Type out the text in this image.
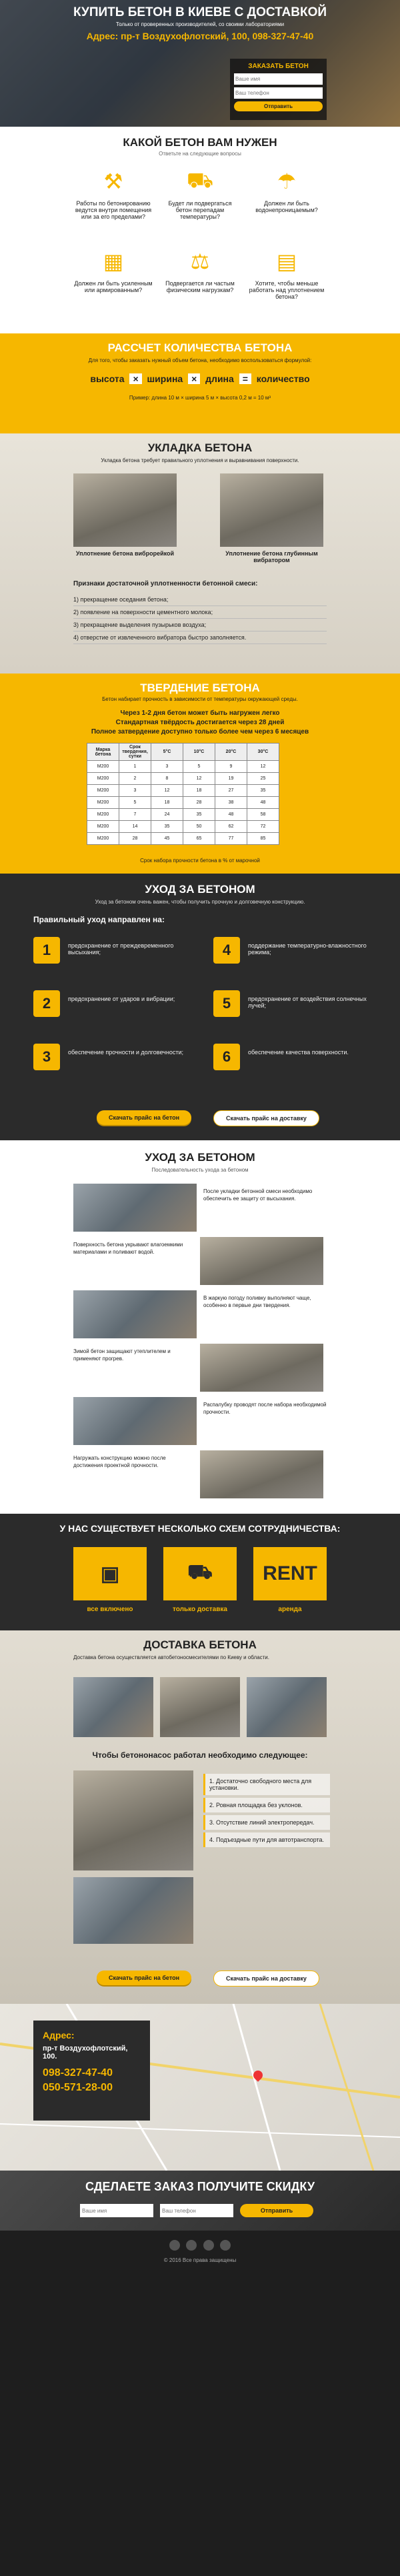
КУПИТЬ БЕТОН В КИЕВЕ С ДОСТАВКОЙ
Только от проверенных производителей, со своими лабораториями
Адрес: пр-т Воздухофлотский, 100, 098-327-47-40
ЗАКАЗАТЬ БЕТОН
Ваше имя Ваш телефон
Отправить
КАКОЙ БЕТОН ВАМ НУЖЕН
Ответьте на следующие вопросы
⚒
Работы по бетонированию ведутся внутри помещения или за его пределами?
⛟
Будет ли подвергаться бетон перепадам температуры?
☂
Должен ли быть водонепроницаемым?
▦
Должен ли быть усиленным или армированным?
⚖
Подвергается ли частым физическим нагрузкам?
▤
Хотите, чтобы меньше работать над уплотнением бетона?
РАССЧЕТ КОЛИЧЕСТВА БЕТОНА
Для того, чтобы заказать нужный объем бетона, необходимо воспользоваться формулой:
высота × ширина × длина = количество
Пример: длина 10 м × ширина 5 м × высота 0,2 м = 10 м³
УКЛАДКА БЕТОНА
Укладка бетона требует правильного уплотнения и выравнивания поверхности.
Уплотнение бетона виброрейкой	Уплотнение бетона глубинным вибратором
Признаки достаточной уплотненности бетонной смеси:
1) прекращение оседания бетона;
2) появление на поверхности цементного молока;
3) прекращение выделения пузырьков воздуха;
4) отверстие от извлеченного вибратора быстро заполняется.
ТВЕРДЕНИЕ БЕТОНА
Бетон набирает прочность в зависимости от температуры окружающей среды.
Через 1-2 дня бетон может быть нагружен легко
Стандартная твёрдость достигается через 28 дней
Полное затвердение доступно только более чем через 6 месяцев
Марка бетона	Срок твердения, сутки	5°C	10°C	20°C	30°C
M200	1	3	5	9	12
M200	2	8	12	19	25
M200	3	12	18	27	35
M200	5	18	28	38	48
M200	7	24	35	48	58
M200	14	35	50	62	72
M200	28	45	65	77	85
Срок набора прочности бетона в % от марочной
УХОД ЗА БЕТОНОМ
Уход за бетоном очень важен, чтобы получить прочную и долговечную конструкцию.
Правильный уход направлен на:
Скачать прайс на бетон	Скачать прайс на доставку
1	предохранение от преждевременного высыхания;	4	поддержание температурно-влажностного режима;
2	предохранение от ударов и вибрации;	5	предохранение от воздействия солнечных лучей;
3	обеспечение прочности и долговечности;	6	обеспечение качества поверхности.
УХОД ЗА БЕТОНОМ
Последовательность ухода за бетоном
После укладки бетонной смеси необходимо обеспечить ее защиту от высыхания.
Поверхность бетона укрывают влагоемкими материалами и поливают водой.
В жаркую погоду поливку выполняют чаще, особенно в первые дни твердения.
Зимой бетон защищают утеплителем и применяют прогрев.
Распалубку проводят после набора необходимой прочности.
Нагружать конструкцию можно после достижения проектной прочности.
У НАС СУЩЕСТВУЕТ НЕСКОЛЬКО СХЕМ СОТРУДНИЧЕСТВА:
▣
все включено
⛟
только доставка
RENT
аренда
ДОСТАВКА БЕТОНА
Доставка бетона осуществляется автобетоносмесителями по Киеву и области.
Чтобы бетононасос работал необходимо следующее:
1. Достаточно свободного места для установки.
2. Ровная площадка без уклонов.
3. Отсутствие линий электропередач.
4. Подъездные пути для автотранспорта.
Скачать прайс на бетон	Скачать прайс на доставку
Адрес:
пр-т Воздухофлотский, 100.
098-327-47-40
050-571-28-00
СДЕЛАЕТЕ ЗАКАЗ ПОЛУЧИТЕ СКИДКУ
Ваше имя
Ваш телефон
Отправить

© 2016 Все права защищены
